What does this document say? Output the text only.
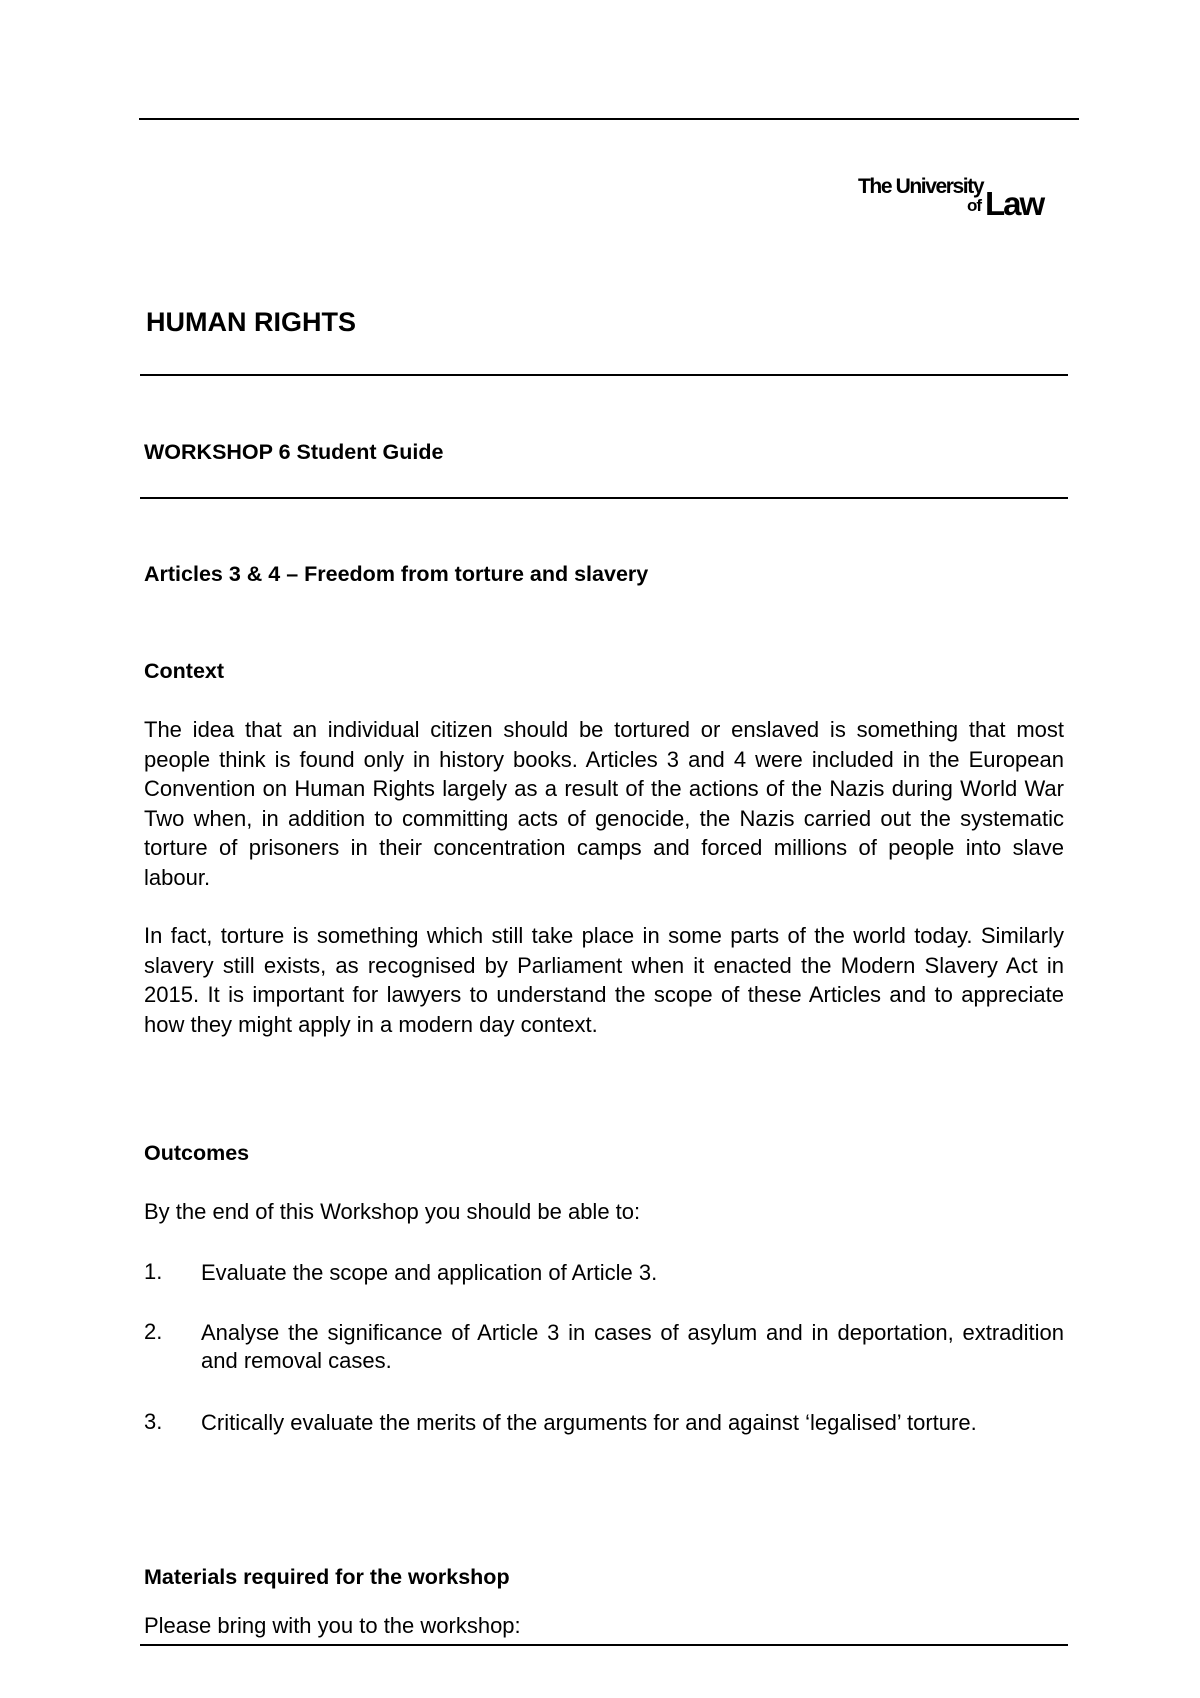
The University
of Law
HUMAN RIGHTS
WORKSHOP 6 Student Guide
Articles 3 & 4 – Freedom from torture and slavery
Context

The idea that an individual citizen should be tortured or enslaved is something that most people think is found only in history books. Articles 3 and 4 were included in the European Convention on Human Rights largely as a result of the actions of the Nazis during World War Two when, in addition to committing acts of genocide, the Nazis carried out the systematic torture of prisoners in their concentration camps and forced millions of people into slave labour.

In fact, torture is something which still take place in some parts of the world today. Similarly slavery still exists, as recognised by Parliament when it enacted the Modern Slavery Act in 2015. It is important for lawyers to understand the scope of these Articles and to appreciate how they might apply in a modern day context.

Outcomes
By the end of this Workshop you should be able to:
1. Evaluate the scope and application of Article 3.

2. Analyse the significance of Article 3 in cases of asylum and in deportation, extradition and removal cases.

3. Critically evaluate the merits of the arguments for and against ‘legalised’ torture.

Materials required for the workshop
Please bring with you to the workshop:
